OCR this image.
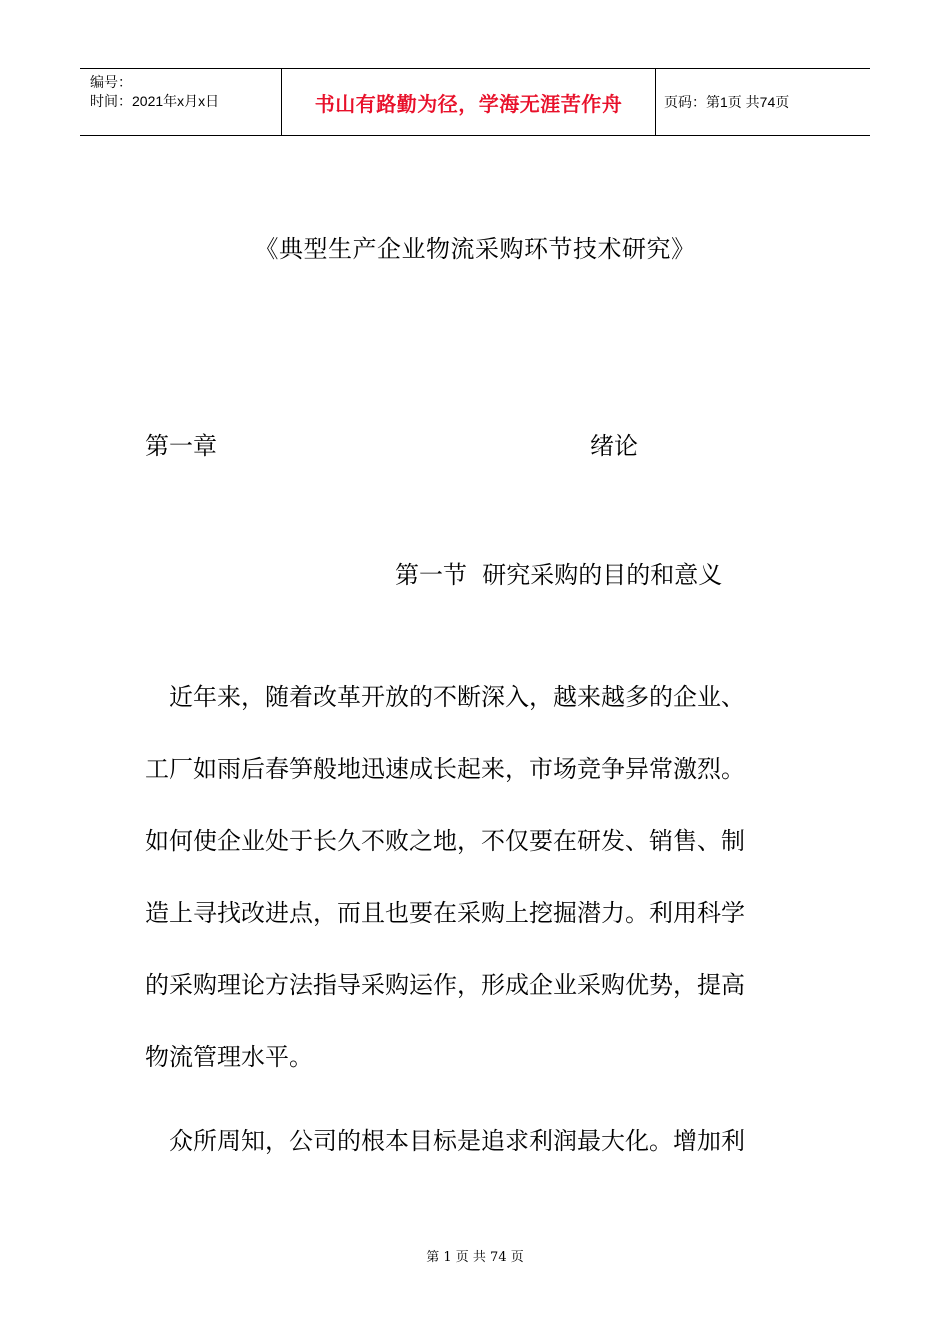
编号：
时间：2021年x月x日	书山有路勤为径，学海无涯苦作舟	页码：第1页 共74页
《典型生产企业物流采购环节技术研究》
第一章	绪论
第一节  研究采购的目的和意义
近年来，随着改革开放的不断深入，越来越多的企业、
工厂如雨后春笋般地迅速成长起来，市场竞争异常激烈。
如何使企业处于长久不败之地，不仅要在研发、销售、制
造上寻找改进点，而且也要在采购上挖掘潜力。利用科学
的采购理论方法指导采购运作，形成企业采购优势，提高
物流管理水平。
众所周知，公司的根本目标是追求利润最大化。增加利
第 1 页 共 74 页
